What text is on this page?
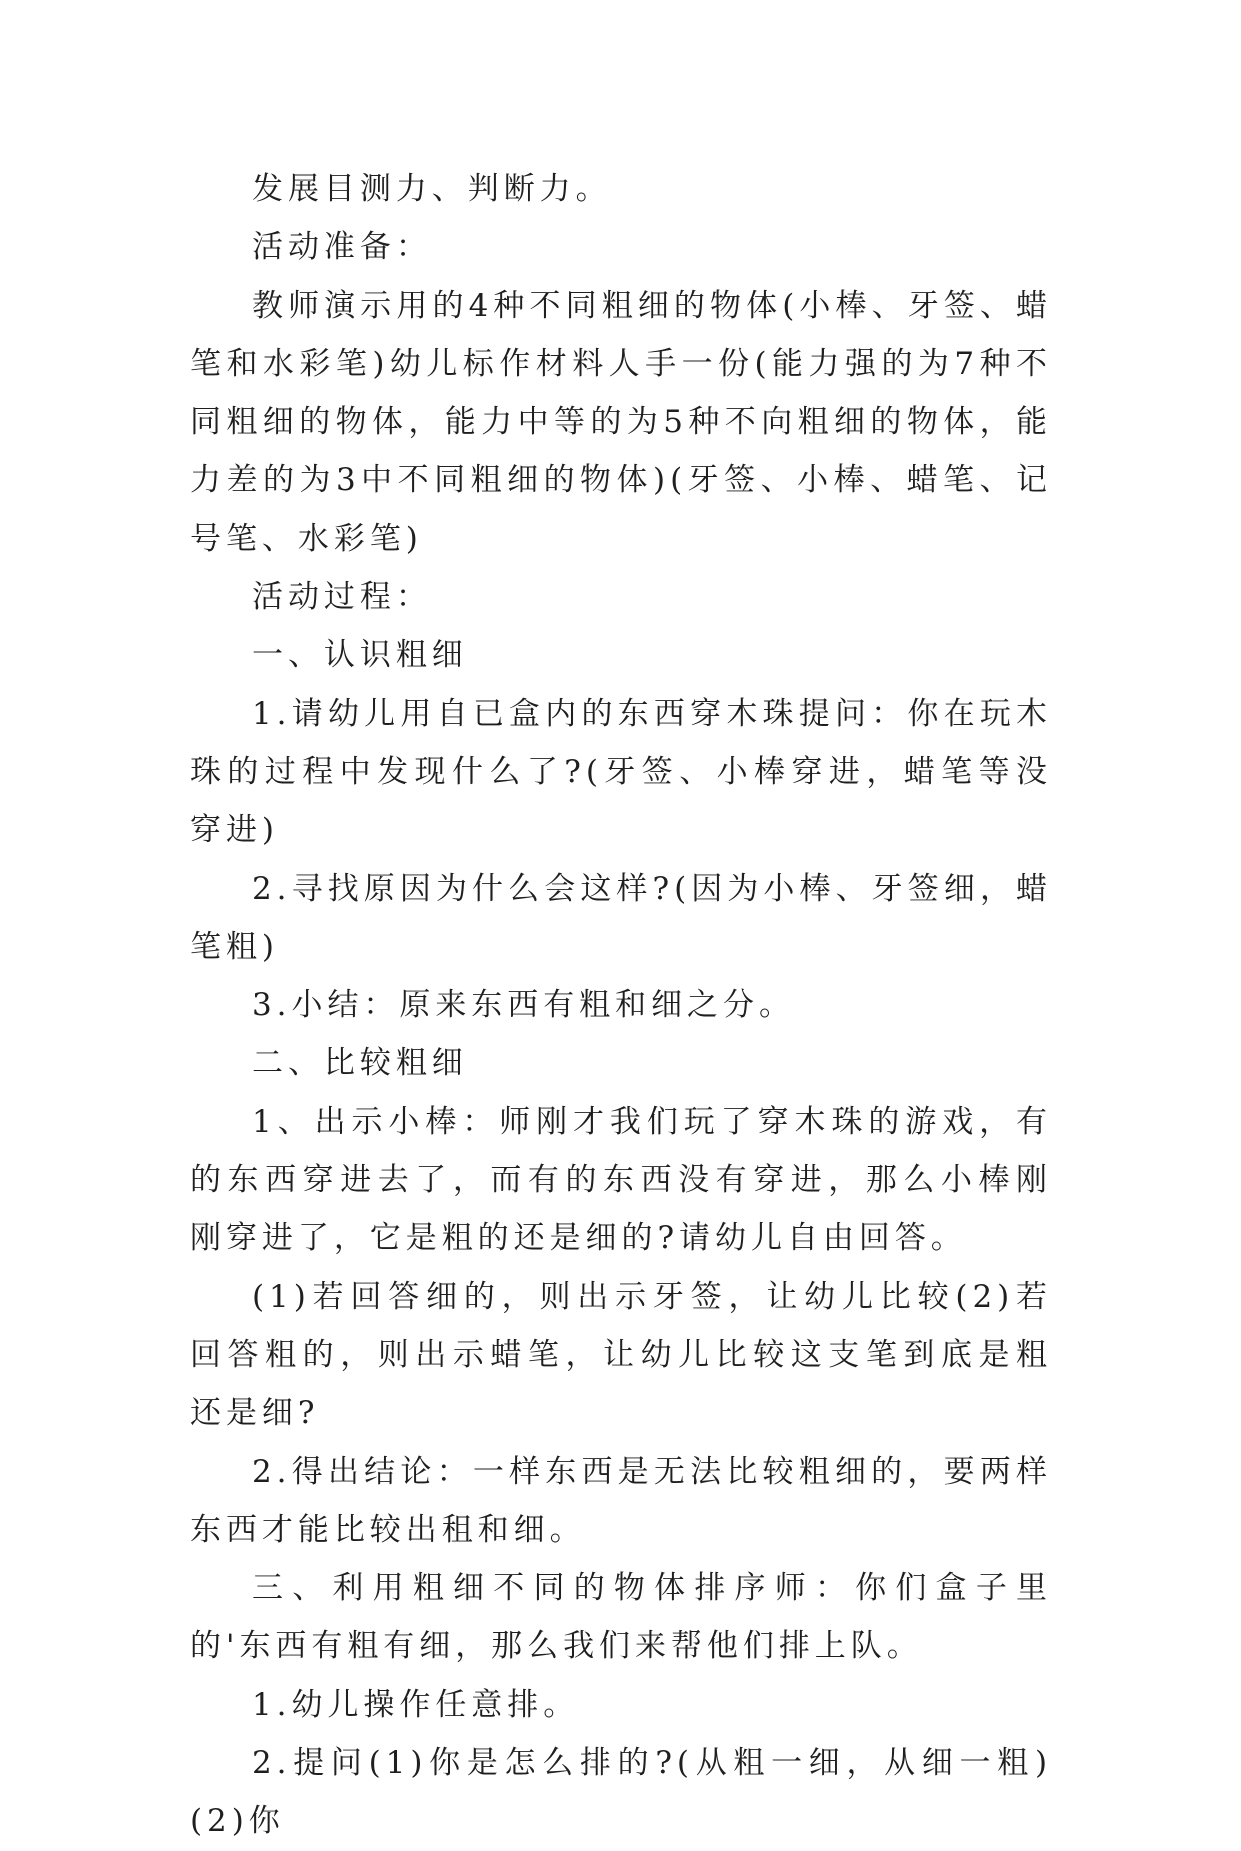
发展目测力、判断力。

活动准备：

教师演示用的4种不同粗细的物体(小棒、牙签、蜡笔和水彩笔)幼儿标作材料人手一份(能力强的为7种不同粗细的物体，能力中等的为5种不向粗细的物体，能力差的为3中不同粗细的物体)(牙签、小棒、蜡笔、记号笔、水彩笔)

活动过程：

一、认识粗细

1.请幼儿用自已盒内的东西穿木珠提问：你在玩木珠的过程中发现什么了?(牙签、小棒穿进，蜡笔等没穿进)

2.寻找原因为什么会这样?(因为小棒、牙签细，蜡笔粗)

3.小结：原来东西有粗和细之分。

二、比较粗细

1、出示小棒：师刚才我们玩了穿木珠的游戏，有的东西穿进去了，而有的东西没有穿进，那么小棒刚刚穿进了，它是粗的还是细的?请幼儿自由回答。

(1)若回答细的，则出示牙签，让幼儿比较(2)若回答粗的，则出示蜡笔，让幼儿比较这支笔到底是粗还是细?

2.得出结论：一样东西是无法比较粗细的，要两样东西才能比较出租和细。

三、利用粗细不同的物体排序师：你们盒子里的'东西有粗有细，那么我们来帮他们排上队。

1.幼儿操作任意排。

2.提问(1)你是怎么排的?(从粗一细，从细一粗)(2)你
